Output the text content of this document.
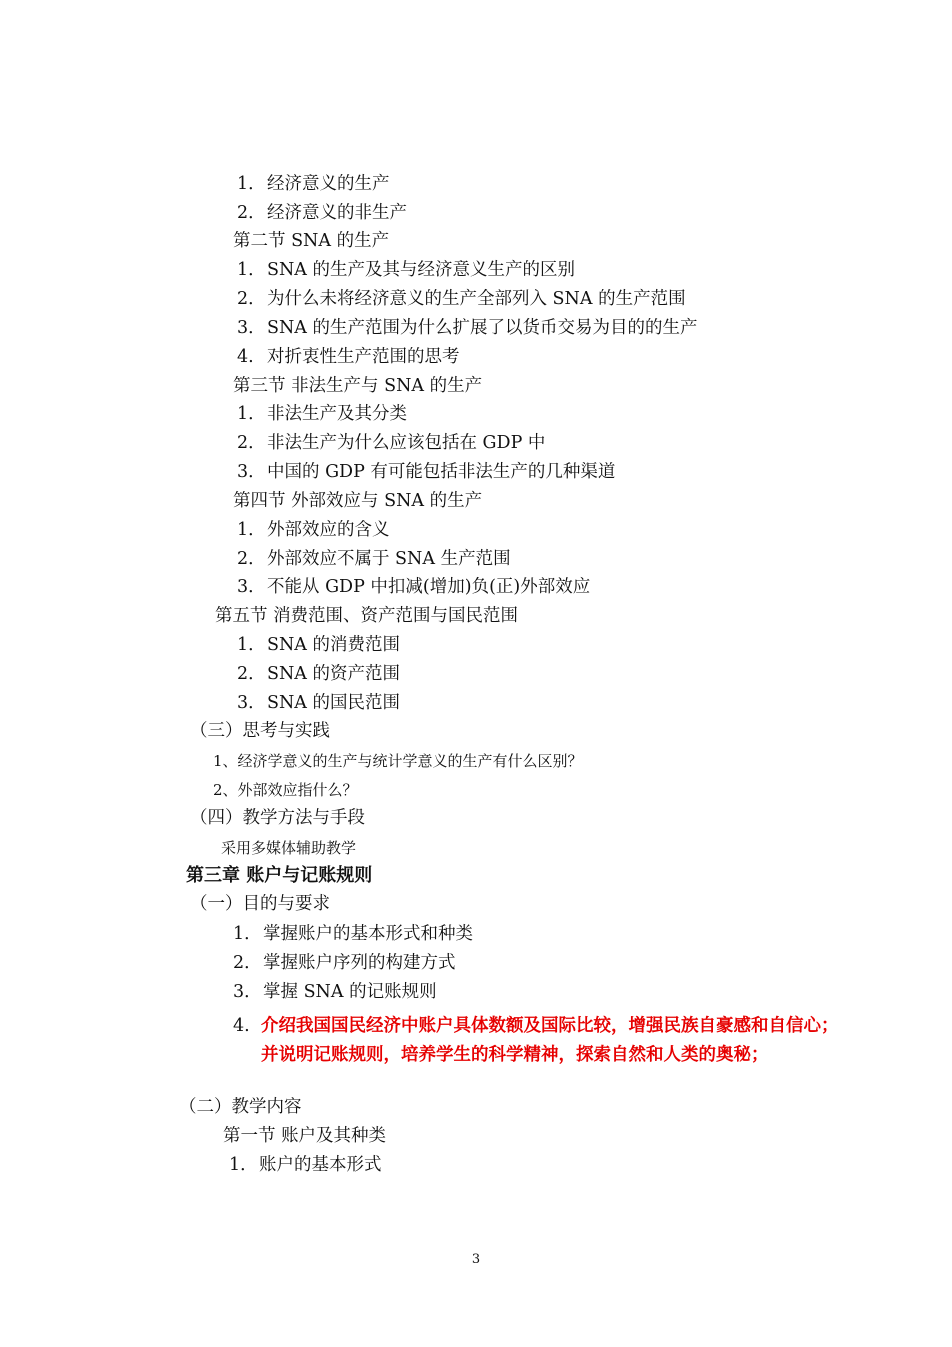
1．经济意义的生产
2．经济意义的非生产
第二节 SNA 的生产
1．SNA 的生产及其与经济意义生产的区别
2．为什么未将经济意义的生产全部列入 SNA 的生产范围
3．SNA 的生产范围为什么扩展了以货币交易为目的的生产
4. 对折衷性生产范围的思考
第三节 非法生产与 SNA 的生产
1．非法生产及其分类
2．非法生产为什么应该包括在 GDP 中
3．中国的 GDP 有可能包括非法生产的几种渠道
第四节 外部效应与 SNA 的生产
1．外部效应的含义
2．外部效应不属于 SNA 生产范围
3．不能从 GDP 中扣减(增加)负(正)外部效应
第五节 消费范围、资产范围与国民范围
1．SNA 的消费范围
2．SNA 的资产范围
3．SNA 的国民范围
（三）思考与实践
1、经济学意义的生产与统计学意义的生产有什么区别？
2、外部效应指什么？
（四）教学方法与手段
采用多媒体辅助教学
第三章 账户与记账规则
（一）目的与要求
1．掌握账户的基本形式和种类
2．掌握账户序列的构建方式
3．掌握 SNA 的记账规则
4. 介绍我国国民经济中账户具体数额及国际比较，增强民族自豪感和自信心；并说明记账规则，培养学生的科学精神，探索自然和人类的奥秘；
（二）教学内容
第一节 账户及其种类
1．账户的基本形式
3
